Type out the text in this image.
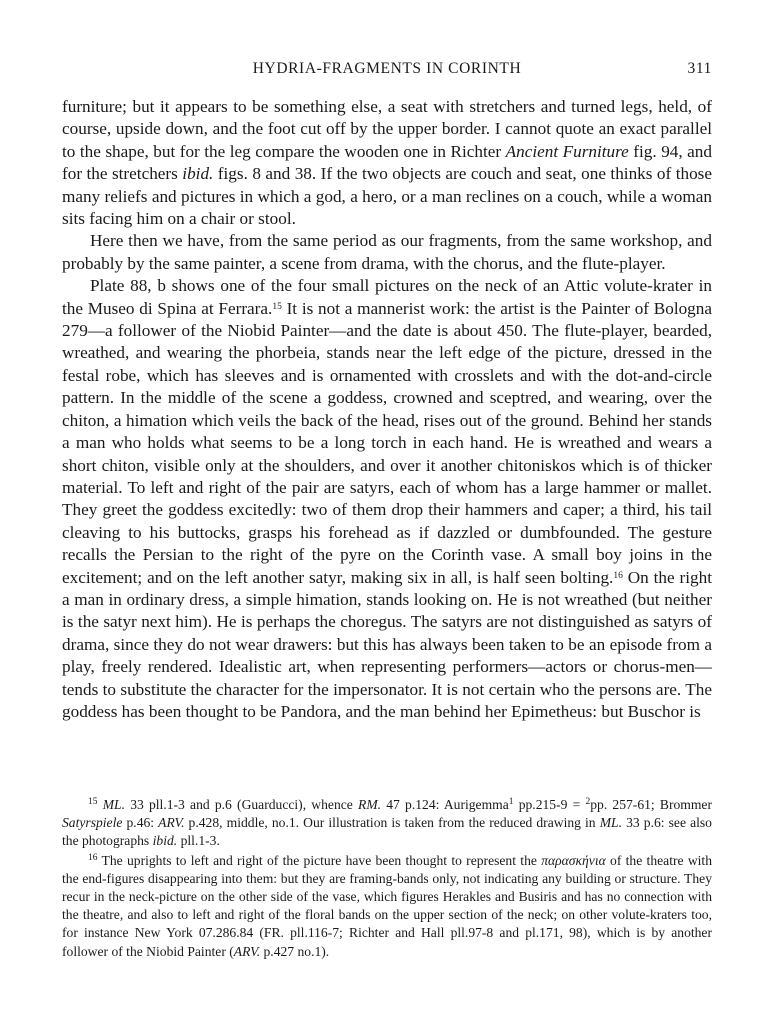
HYDRIA-FRAGMENTS IN CORINTH	311

furniture; but it appears to be something else, a seat with stretchers and turned legs, held, of course, upside down, and the foot cut off by the upper border. I cannot quote an exact parallel to the shape, but for the leg compare the wooden one in Richter Ancient Furniture fig. 94, and for the stretchers ibid. figs. 8 and 38. If the two objects are couch and seat, one thinks of those many reliefs and pictures in which a god, a hero, or a man reclines on a couch, while a woman sits facing him on a chair or stool.

Here then we have, from the same period as our fragments, from the same workshop, and probably by the same painter, a scene from drama, with the chorus, and the flute-player.

Plate 88, b shows one of the four small pictures on the neck of an Attic volute-krater in the Museo di Spina at Ferrara.$^{15}$ It is not a mannerist work: the artist is the Painter of Bologna 279—a follower of the Niobid Painter—and the date is about 450. The flute-player, bearded, wreathed, and wearing the phorbeia, stands near the left edge of the picture, dressed in the festal robe, which has sleeves and is ornamented with crosslets and with the dot-and-circle pattern. In the middle of the scene a goddess, crowned and sceptred, and wearing, over the chiton, a himation which veils the back of the head, rises out of the ground. Behind her stands a man who holds what seems to be a long torch in each hand. He is wreathed and wears a short chiton, visible only at the shoulders, and over it another chitoniskos which is of thicker material. To left and right of the pair are satyrs, each of whom has a large hammer or mallet. They greet the goddess excitedly: two of them drop their hammers and caper; a third, his tail cleaving to his buttocks, grasps his forehead as if dazzled or dumbfounded. The gesture recalls the Persian to the right of the pyre on the Corinth vase. A small boy joins in the excitement; and on the left another satyr, making six in all, is half seen bolting.$^{16}$ On the right a man in ordinary dress, a simple himation, stands looking on. He is not wreathed (but neither is the satyr next him). He is perhaps the choregus. The satyrs are not distinguished as satyrs of drama, since they do not wear drawers: but this has always been taken to be an episode from a play, freely rendered. Idealistic art, when representing performers—actors or chorus-men—tends to substitute the character for the impersonator. It is not certain who the persons are. The goddess has been thought to be Pandora, and the man behind her Epimetheus: but Buschor is

$^{15}$ ML. 33 pll.1-3 and p.6 (Guarducci), whence RM. 47 p.124: Aurigemma$^1$ pp.215-9 = $^2$pp. 257-61; Brommer Satyrspiele p.46: ARV. p.428, middle, no.1. Our illustration is taken from the reduced drawing in ML. 33 p.6: see also the photographs ibid. pll.1-3.

$^{16}$ The uprights to left and right of the picture have been thought to represent the παρασκήνια of the theatre with the end-figures disappearing into them: but they are framing-bands only, not indicating any building or structure. They recur in the neck-picture on the other side of the vase, which figures Herakles and Busiris and has no connection with the theatre, and also to left and right of the floral bands on the upper section of the neck; on other volute-kraters too, for instance New York 07.286.84 (FR. pll.116-7; Richter and Hall pll.97-8 and pl.171, 98), which is by another follower of the Niobid Painter (ARV. p.427 no.1).
